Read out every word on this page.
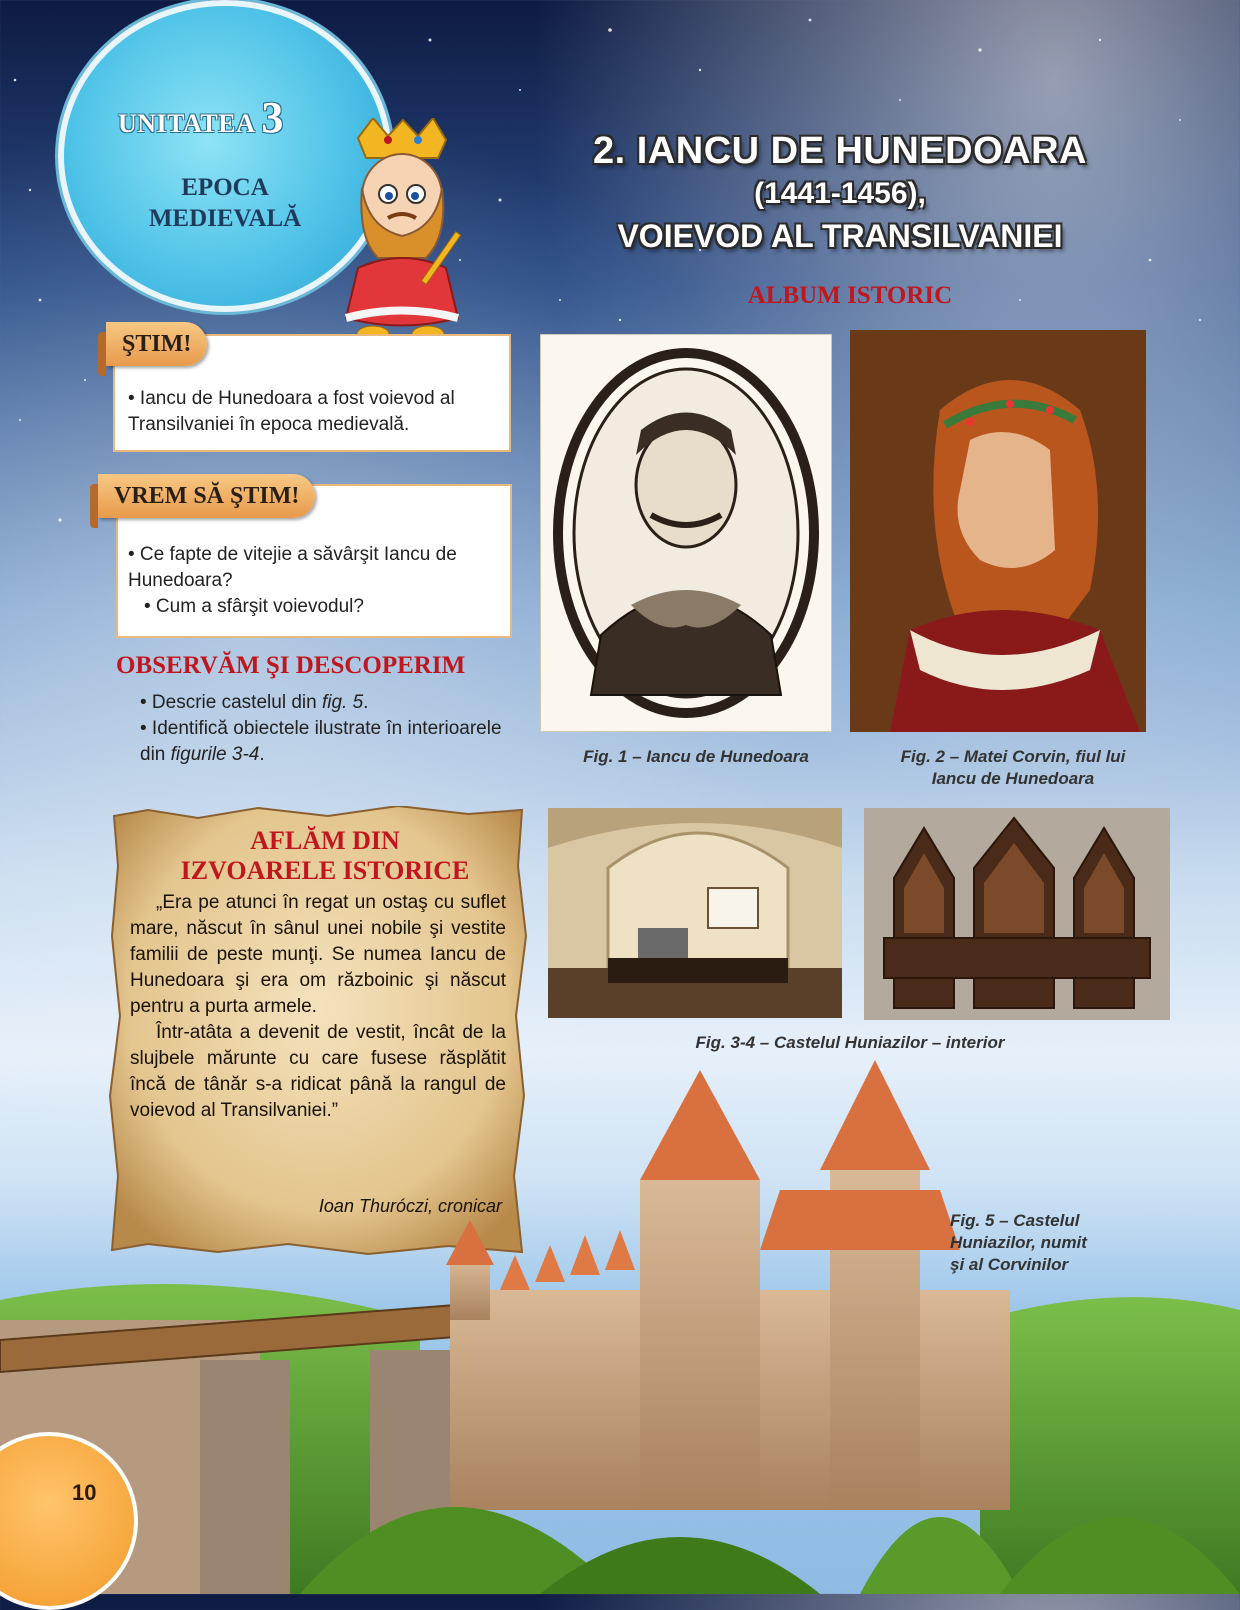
UNITATEA 3
EPOCA
MEDIEVALĂ
2. IANCU DE HUNEDOARA
(1441-1456),
VOIEVOD AL TRANSILVANIEI
ALBUM ISTORIC
ŞTIM!
• Iancu de Hunedoara a fost voievod al Transilvaniei în epoca medievală.
VREM SĂ ŞTIM!
• Ce fapte de vitejie a săvârşit Iancu de Hunedoara?
• Cum a sfârşit voievodul?
OBSERVĂM ŞI DESCOPERIM
• Descrie castelul din fig. 5.
• Identifică obiectele ilustrate în interioarele din figurile 3-4.
AFLĂM DIN
IZVOARELE ISTORICE

„Era pe atunci în regat un ostaş cu suflet mare, născut în sânul unei nobile şi vestite familii de peste munţi. Se numea Iancu de Hunedoara şi era om războinic şi născut pentru a purta armele.

Într-atâta a devenit de vestit, încât de la slujbele mărunte cu care fusese răsplătit încă de tânăr s-a ridicat până la rangul de voievod al Transilvaniei.”

Ioan Thuróczi, cronicar
Fig. 1 – Iancu de Hunedoara	Fig. 2 – Matei Corvin, fiul lui
Iancu de Hunedoara
Fig. 3-4 – Castelul Huniazilor – interior
Fig. 5 – Castelul
Huniazilor, numit
şi al Corvinilor
10
